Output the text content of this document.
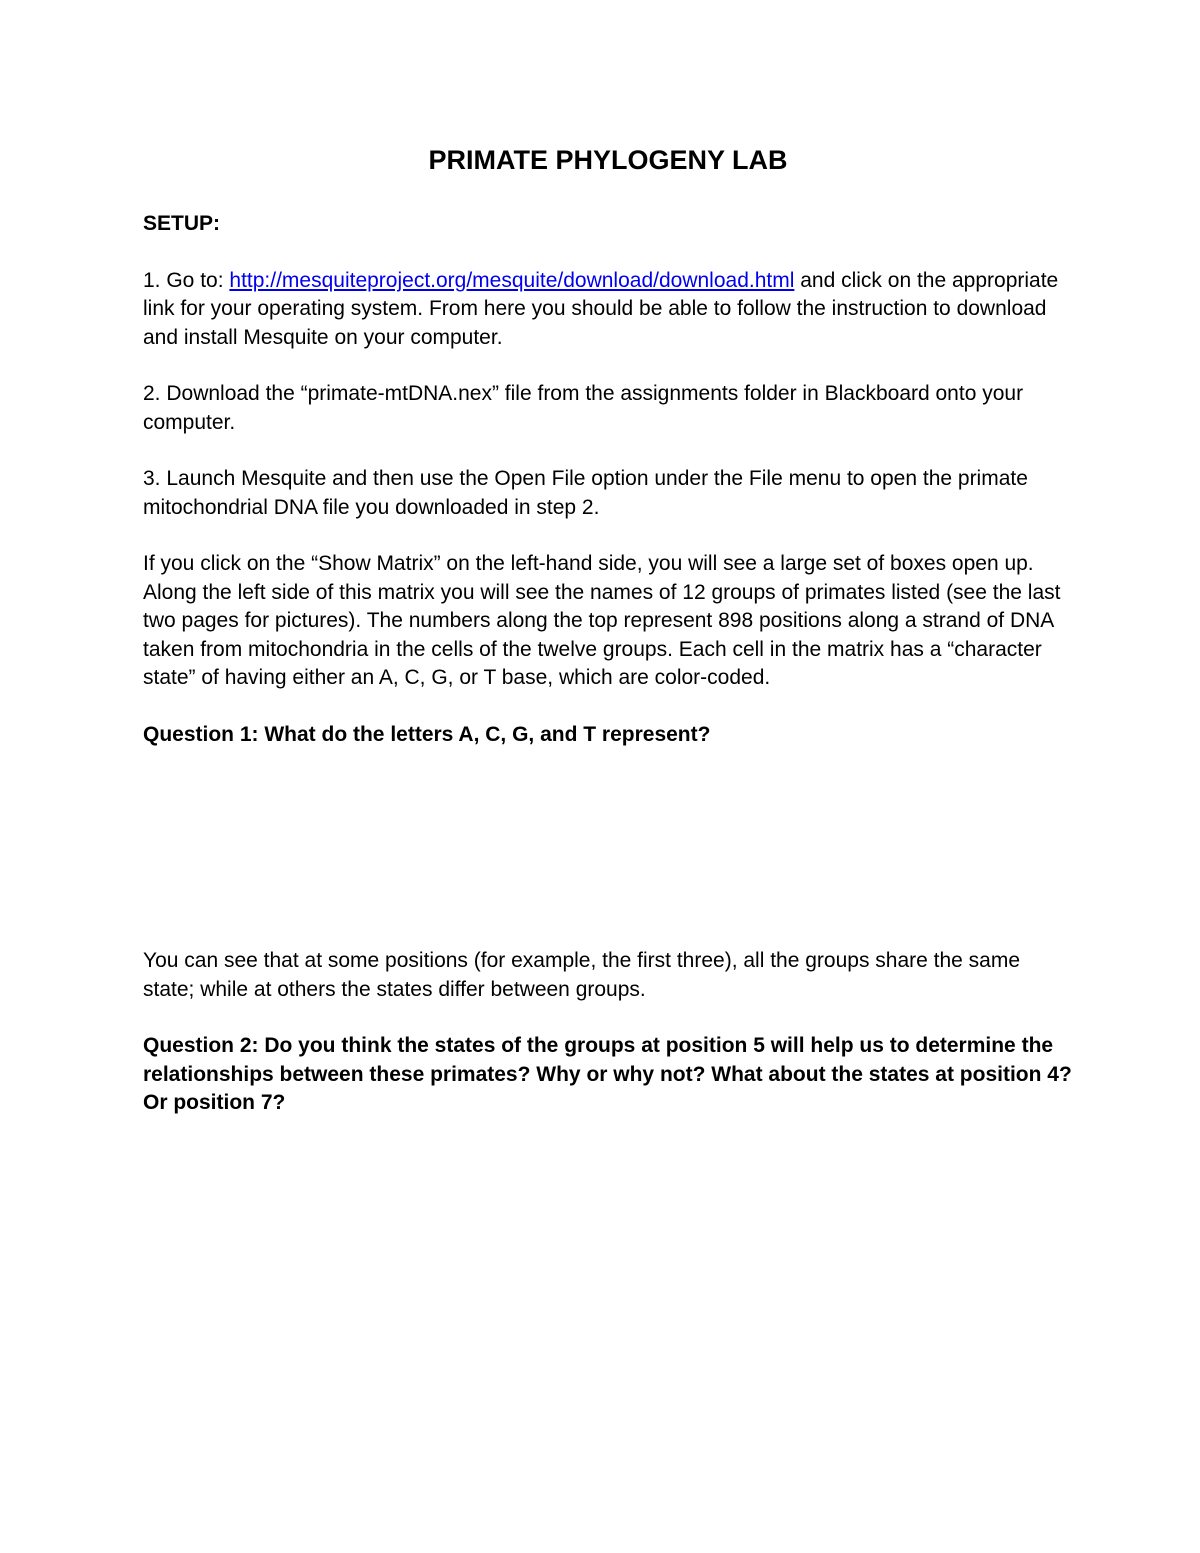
PRIMATE PHYLOGENY LAB

SETUP:

1. Go to: http://mesquiteproject.org/mesquite/download/download.html and click on the appropriate link for your operating system. From here you should be able to follow the instruction to download and install Mesquite on your computer.

2. Download the “primate-mtDNA.nex” file from the assignments folder in Blackboard onto your computer.

3. Launch Mesquite and then use the Open File option under the File menu to open the primate mitochondrial DNA file you downloaded in step 2.

If you click on the “Show Matrix” on the left-hand side, you will see a large set of boxes open up. Along the left side of this matrix you will see the names of 12 groups of primates listed (see the last two pages for pictures). The numbers along the top represent 898 positions along a strand of DNA taken from mitochondria in the cells of the twelve groups. Each cell in the matrix has a “character state” of having either an A, C, G, or T base, which are color-coded.

Question 1: What do the letters A, C, G, and T represent?

You can see that at some positions (for example, the first three), all the groups share the same state; while at others the states differ between groups.

Question 2: Do you think the states of the groups at position 5 will help us to determine the relationships between these primates? Why or why not? What about the states at position 4? Or position 7?
